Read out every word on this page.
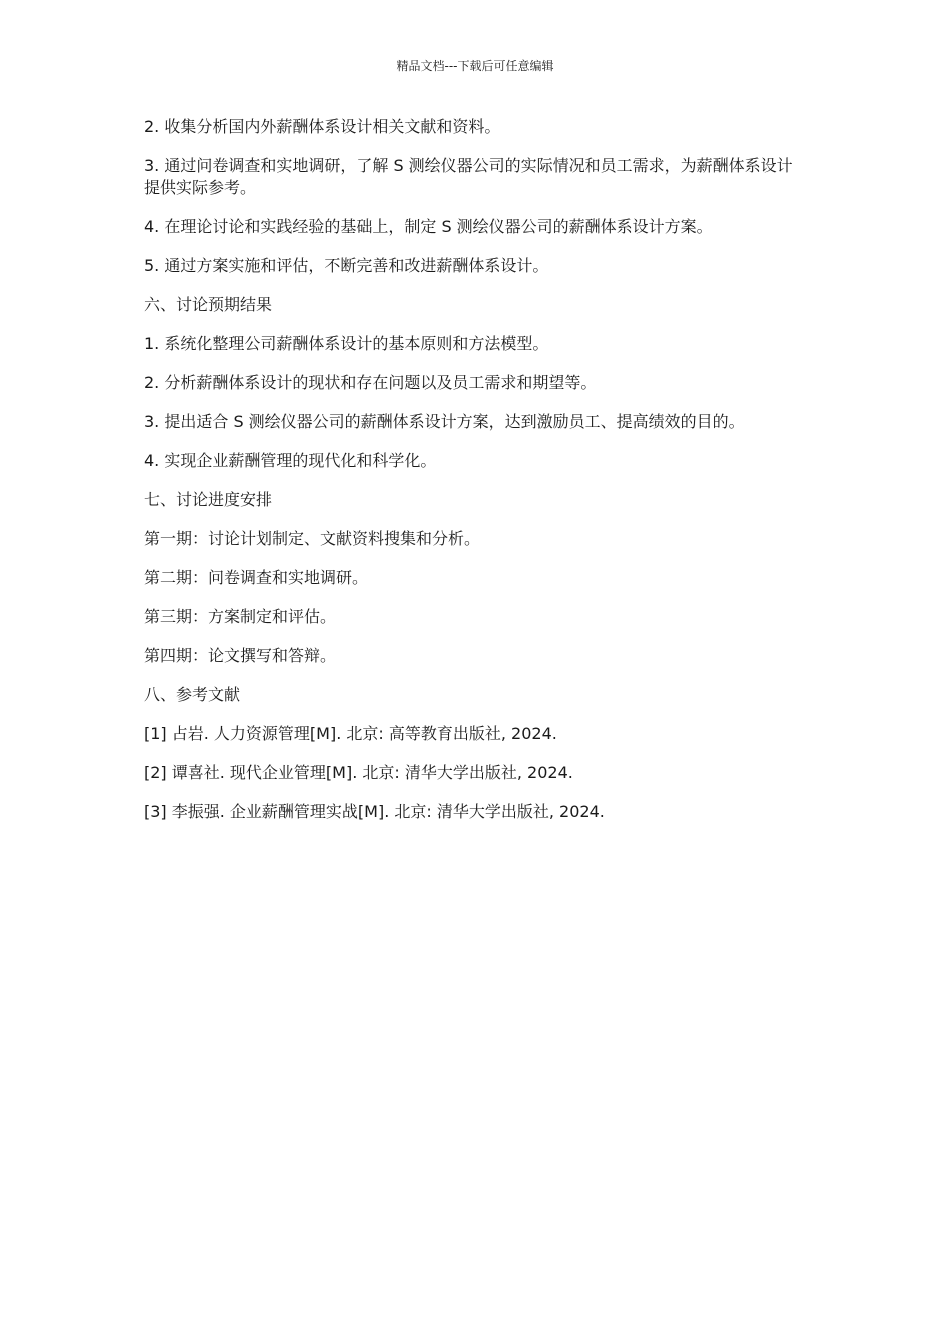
精品文档---下载后可任意编辑

2. 收集分析国内外薪酬体系设计相关文献和资料。

3. 通过问卷调查和实地调研，了解 S 测绘仪器公司的实际情况和员工需求，为薪酬体系设计提供实际参考。

4. 在理论讨论和实践经验的基础上，制定 S 测绘仪器公司的薪酬体系设计方案。

5. 通过方案实施和评估，不断完善和改进薪酬体系设计。

六、讨论预期结果

1. 系统化整理公司薪酬体系设计的基本原则和方法模型。

2. 分析薪酬体系设计的现状和存在问题以及员工需求和期望等。

3. 提出适合 S 测绘仪器公司的薪酬体系设计方案，达到激励员工、提高绩效的目的。

4. 实现企业薪酬管理的现代化和科学化。

七、讨论进度安排

第一期：讨论计划制定、文献资料搜集和分析。

第二期：问卷调查和实地调研。

第三期：方案制定和评估。

第四期：论文撰写和答辩。

八、参考文献

[1] 占岩. 人力资源管理[M]. 北京: 高等教育出版社, 2024.

[2] 谭喜社. 现代企业管理[M]. 北京: 清华大学出版社, 2024.

[3] 李振强. 企业薪酬管理实战[M]. 北京: 清华大学出版社, 2024.
